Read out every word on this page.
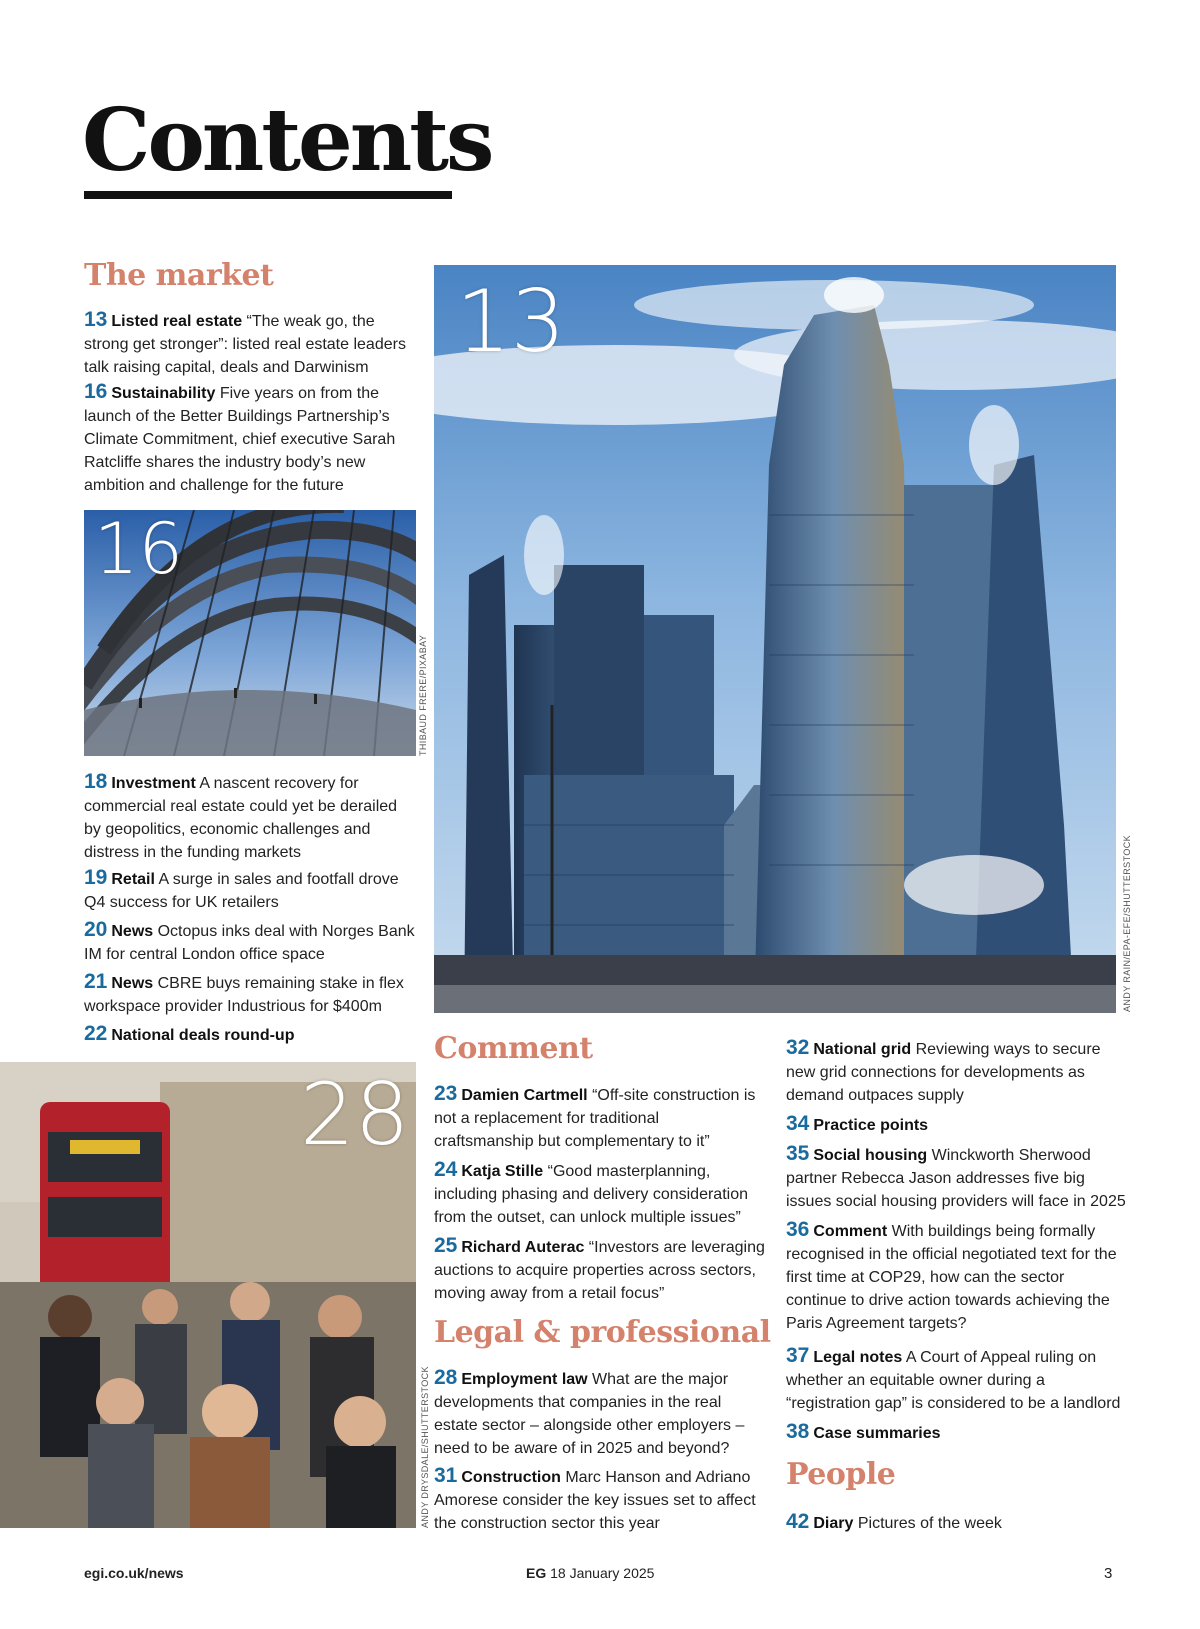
Contents
The market
13 Listed real estate “The weak go, the strong get stronger”: listed real estate leaders talk raising capital, deals and Darwinism
16 Sustainability Five years on from the launch of the Better Buildings Partnership’s Climate Commitment, chief executive Sarah Ratcliffe shares the industry body’s new ambition and challenge for the future
16
THIBAUD FRERE/PIXABAY
18 Investment A nascent recovery for commercial real estate could yet be derailed by geopolitics, economic challenges and distress in the funding markets
19 Retail A surge in sales and footfall drove Q4 success for UK retailers
20 News Octopus inks deal with Norges Bank IM for central London office space
21 News CBRE buys remaining stake in flex workspace provider Industrious for $400m
22 National deals round-up
13
ANDY RAIN/EPA-EFE/SHUTTERSTOCK
28
ANDY DRYSDALE/SHUTTERSTOCK
Comment
23 Damien Cartmell “Off-site construction is not a replacement for traditional craftsmanship but complementary to it”
24 Katja Stille “Good masterplanning, including phasing and delivery consideration from the outset, can unlock multiple issues”
25 Richard Auterac “Investors are leveraging auctions to acquire properties across sectors, moving away from a retail focus”
Legal & professional
28 Employment law What are the major developments that companies in the real estate sector – alongside other employers – need to be aware of in 2025 and beyond?
31 Construction Marc Hanson and Adriano Amorese consider the key issues set to affect the construction sector this year
32 National grid Reviewing ways to secure new grid connections for developments as demand outpaces supply
34 Practice points
35 Social housing Winckworth Sherwood partner Rebecca Jason addresses five big issues social housing providers will face in 2025
36 Comment With buildings being formally recognised in the official negotiated text for the first time at COP29, how can the sector continue to drive action towards achieving the Paris Agreement targets?
37 Legal notes A Court of Appeal ruling on whether an equitable owner during a “registration gap” is considered to be a landlord
38 Case summaries
People
42 Diary Pictures of the week
egi.co.uk/news	EG 18 January 2025	3
